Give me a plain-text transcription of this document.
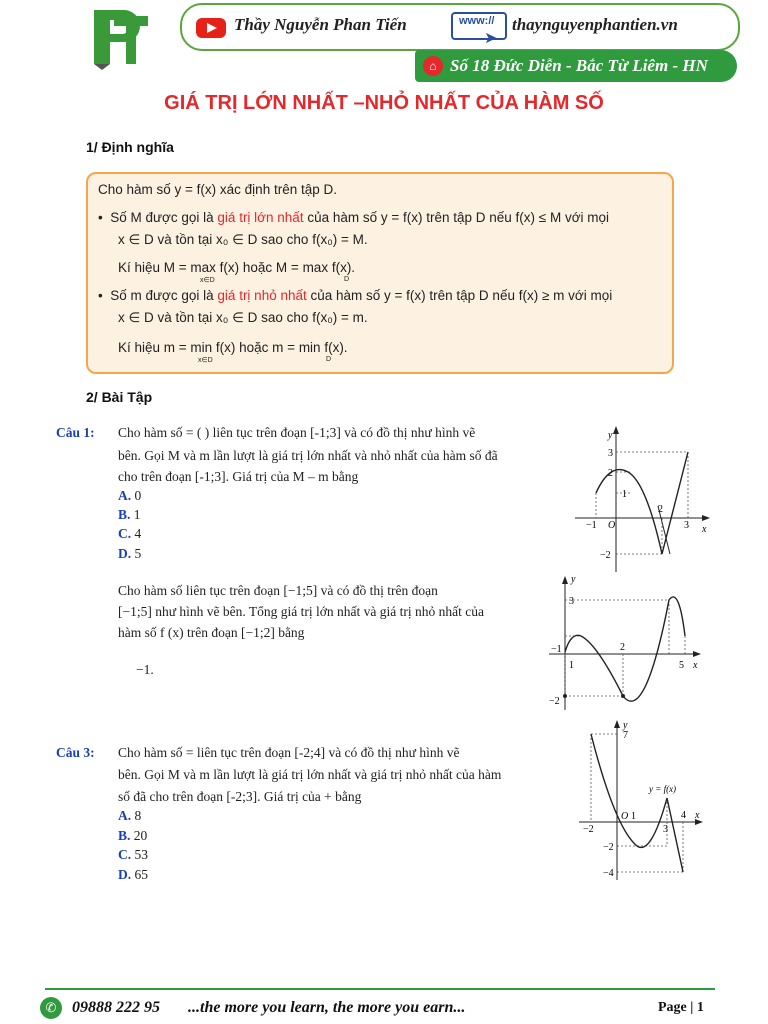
Thầy Nguyễn Phan Tiến	www://
➤
thaynguyenphantien.vn
⌂ Số 18 Đức Diễn - Bắc Từ Liêm - HN
GIÁ TRỊ LỚN NHẤT –NHỎ NHẤT CỦA HÀM SỐ
1/ Định nghĩa
Cho hàm số y = f(x) xác định trên tập D.
•  Số M được gọi là giá trị lớn nhất của hàm số y = f(x) trên tập D nếu f(x) ≤ M với mọi
x ∈ D và tồn tại x₀ ∈ D sao cho f(x₀) = M.
Kí hiệu M = max f(x) hoặc M = max f(x).
x∈D	D
•  Số m được gọi là giá trị nhỏ nhất của hàm số y = f(x) trên tập D nếu f(x) ≥ m với mọi
x ∈ D và tồn tại x₀ ∈ D sao cho f(x₀) = m.
Kí hiệu m = min f(x) hoặc m = min f(x).
x∈D	D
2/ Bài Tập
Câu 1: Cho hàm số = ( ) liên tục trên đoạn [-1;3] và có đồ thị như hình vẽ
bên. Gọi M và m lần lượt là giá trị lớn nhất và nhỏ nhất của hàm số đã
cho trên đoạn [-1;3]. Giá trị của M – m bằng
A. 0
B. 1
C. 4
D. 5
y
x
O
3
2
1
−1
2
3
−2
Cho hàm số liên tục trên đoạn [−1;5] và có đồ thị trên đoạn
[−1;5] như hình vẽ bên. Tổng giá trị lớn nhất và giá trị nhỏ nhất của
hàm số f (x) trên đoạn [−1;2] bằng
−1.
y
x
3
−1
1
2
5
−2
Câu 3: Cho hàm số = liên tục trên đoạn [-2;4] và có đồ thị như hình vẽ
bên. Gọi M và m lần lượt là giá trị lớn nhất và giá trị nhỏ nhất của hàm
số đã cho trên đoạn [-2;3]. Giá trị của + bằng
A. 8
B. 20
C. 53
D. 65
y
x
7
y = f(x)
−2
O 1
3
4
−2
−4
✆ 09888 222 95 ...the more you learn, the more you earn...	Page | 1
